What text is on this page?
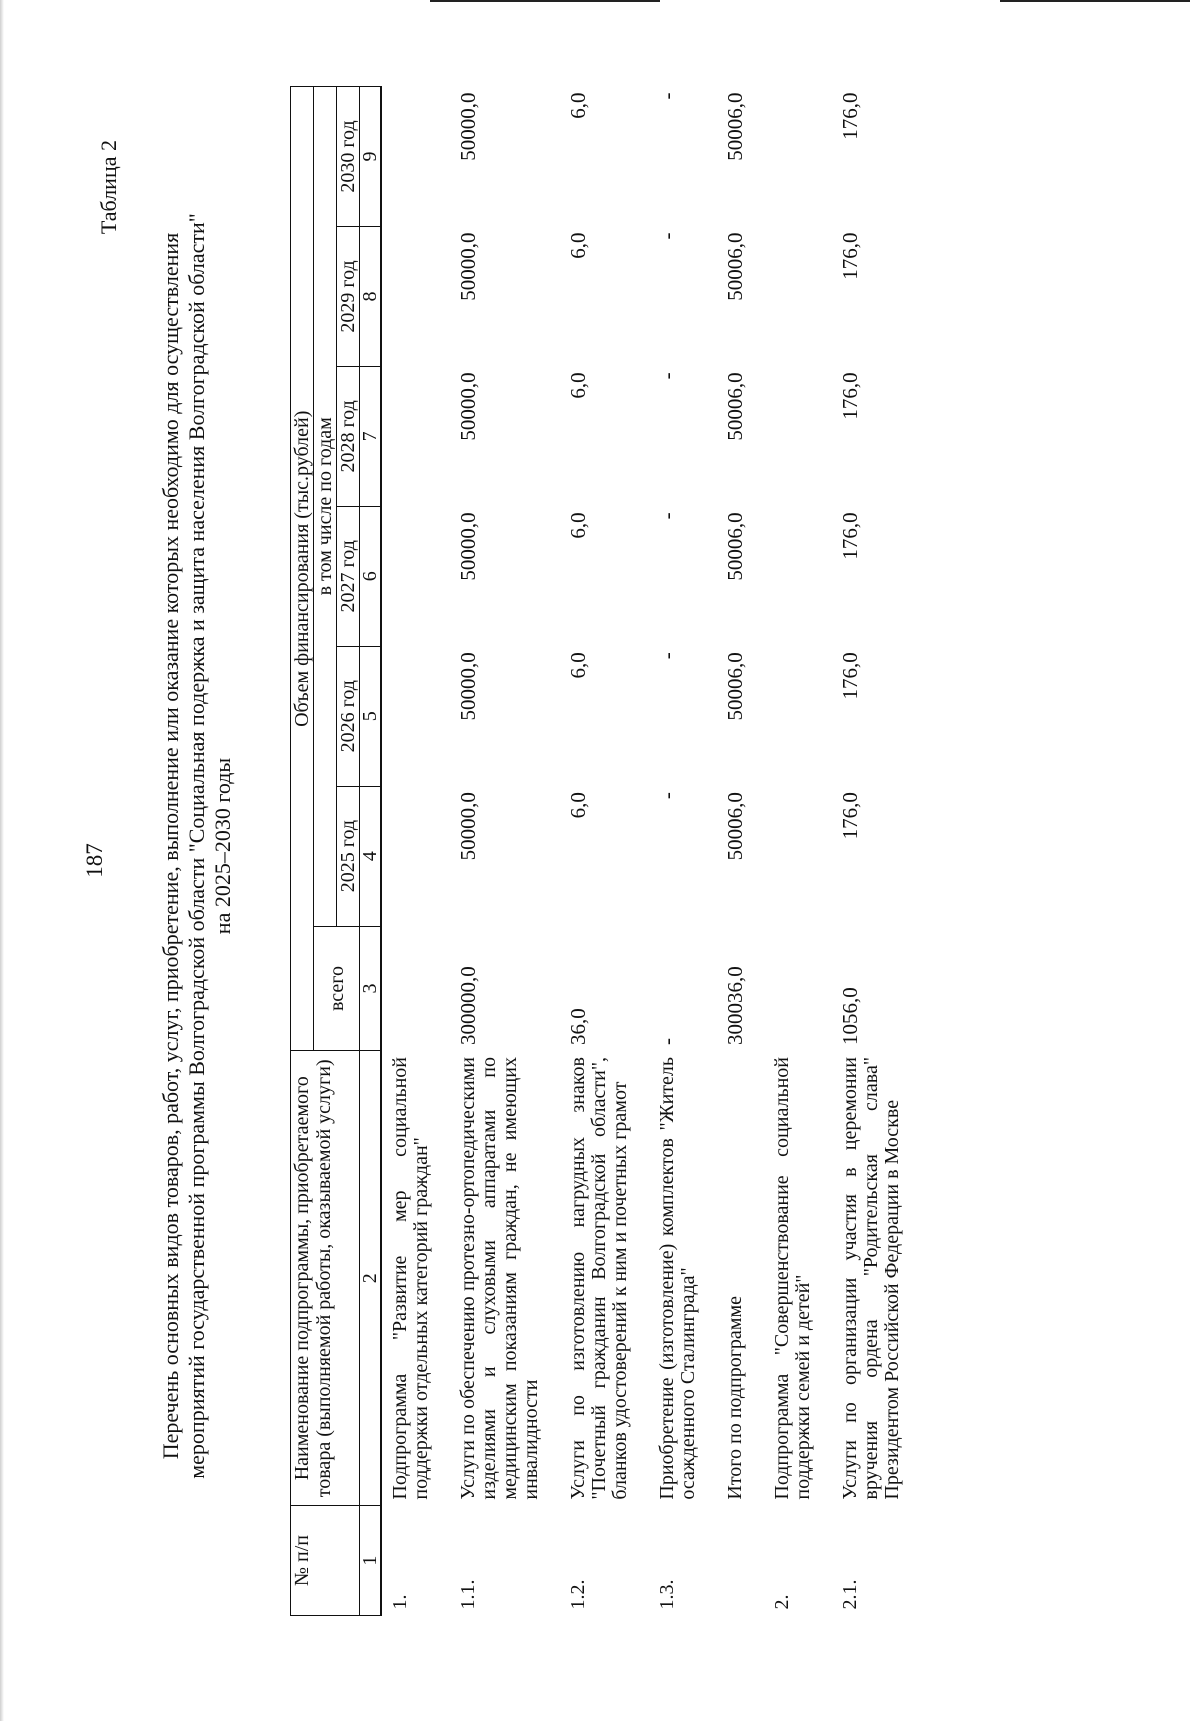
187
Таблица 2
Перечень основных видов товаров, работ, услуг, приобретение, выполнение или оказание которых необходимо для осуществления мероприятий государственной программы Волгоградской области "Социальная подержка и защита населения Волгоградской области" на 2025–2030 годы
№ п/п	Наименование подпрограммы, приобретаемого товара (выполняемой работы, оказываемой услуги)	Объем финансирования (тыс.рублей)						
		всего	в том числе по годам					
			2025 год	2026 год	2027 год	2028 год	2029 год	2030 год
1	2	3	4	5	6	7	8	9
1.	Подпрограмма "Развитие мер социальной поддержки отдельных категорий граждан"							
1.1.	Услуги по обеспечению протезно-ортопедическими изделиями и слуховыми аппаратами по медицинским показаниям граждан, не имеющих инвалидности	300000,0	50000,0	50000,0	50000,0	50000,0	50000,0	50000,0
1.2.	Услуги по изготовлению нагрудных знаков "Почетный гражданин Волгоградской области", бланков удостоверений к ним и почетных грамот	36,0	6,0	6,0	6,0	6,0	6,0	6,0
1.3.	Приобретение (изготовление) комплектов "Житель осажденного Сталинграда"	-	-	-	-	-	-	-
	Итого по подпрограмме	300036,0	50006,0	50006,0	50006,0	50006,0	50006,0	50006,0
2.	Подпрограмма "Совершенствование социальной поддержки семей и детей"							
2.1.	Услуги по организации участия в церемонии вручения ордена "Родительская слава" Президентом Российской Федерации в Москве	1056,0	176,0	176,0	176,0	176,0	176,0	176,0
